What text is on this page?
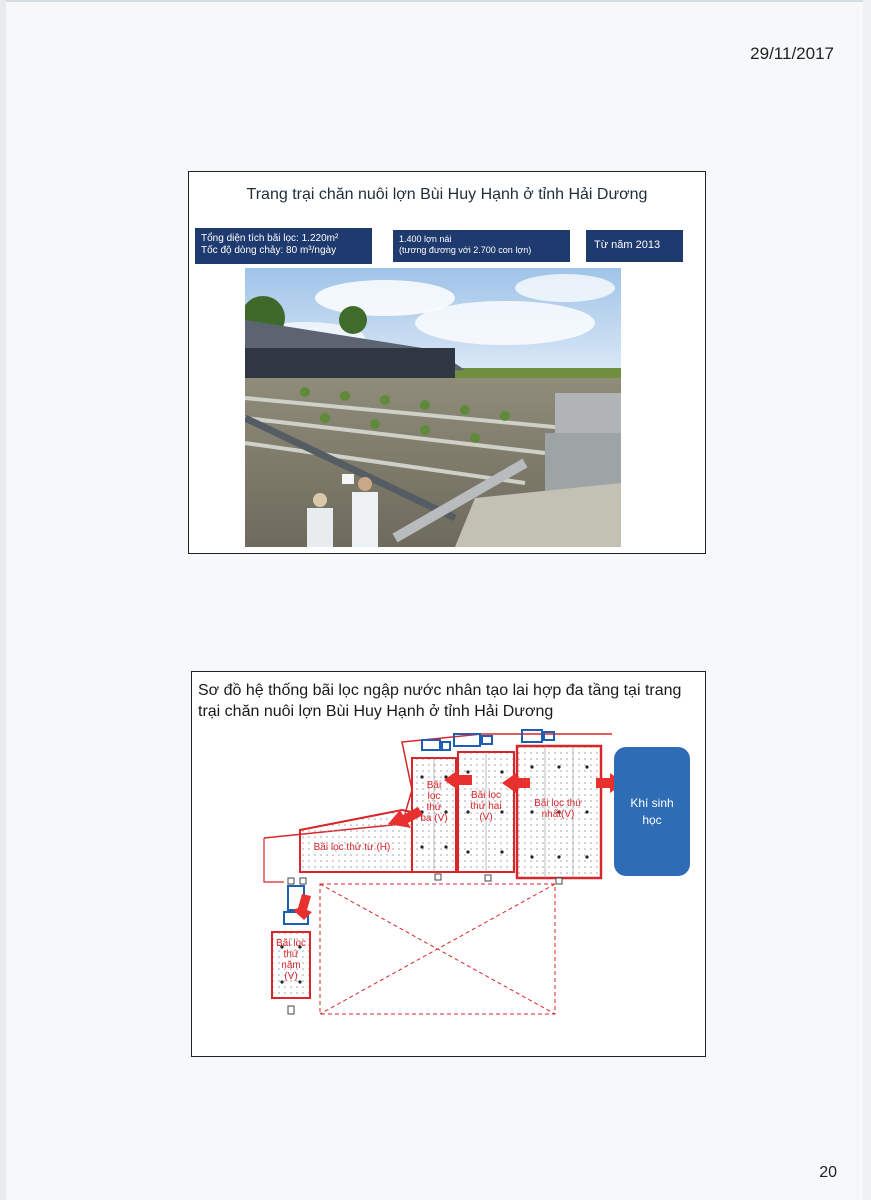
29/11/2017
Trang trại chăn nuôi lợn Bùi Huy Hạnh ở tỉnh Hải Dương
Tổng diện tích bãi lọc: 1.220m²
Tốc độ dòng chảy: 80 m³/ngày
1.400 lợn nái
(tương đương với 2.700 con lợn)	Từ năm 2013
Sơ đồ hệ thống bãi lọc ngập nước nhân tạo lai hợp đa tầng tại trang trại chăn nuôi lợn Bùi Huy Hạnh ở tỉnh Hải Dương
Bãi lọc thứ nhất(V)
Bãi lọc thứ hai (V)
Bãi lọc thứ ba (V)
Bãi lọc thứ tư (H)
Bãi lọc thứ năm (V)
Khí sinh học
20
